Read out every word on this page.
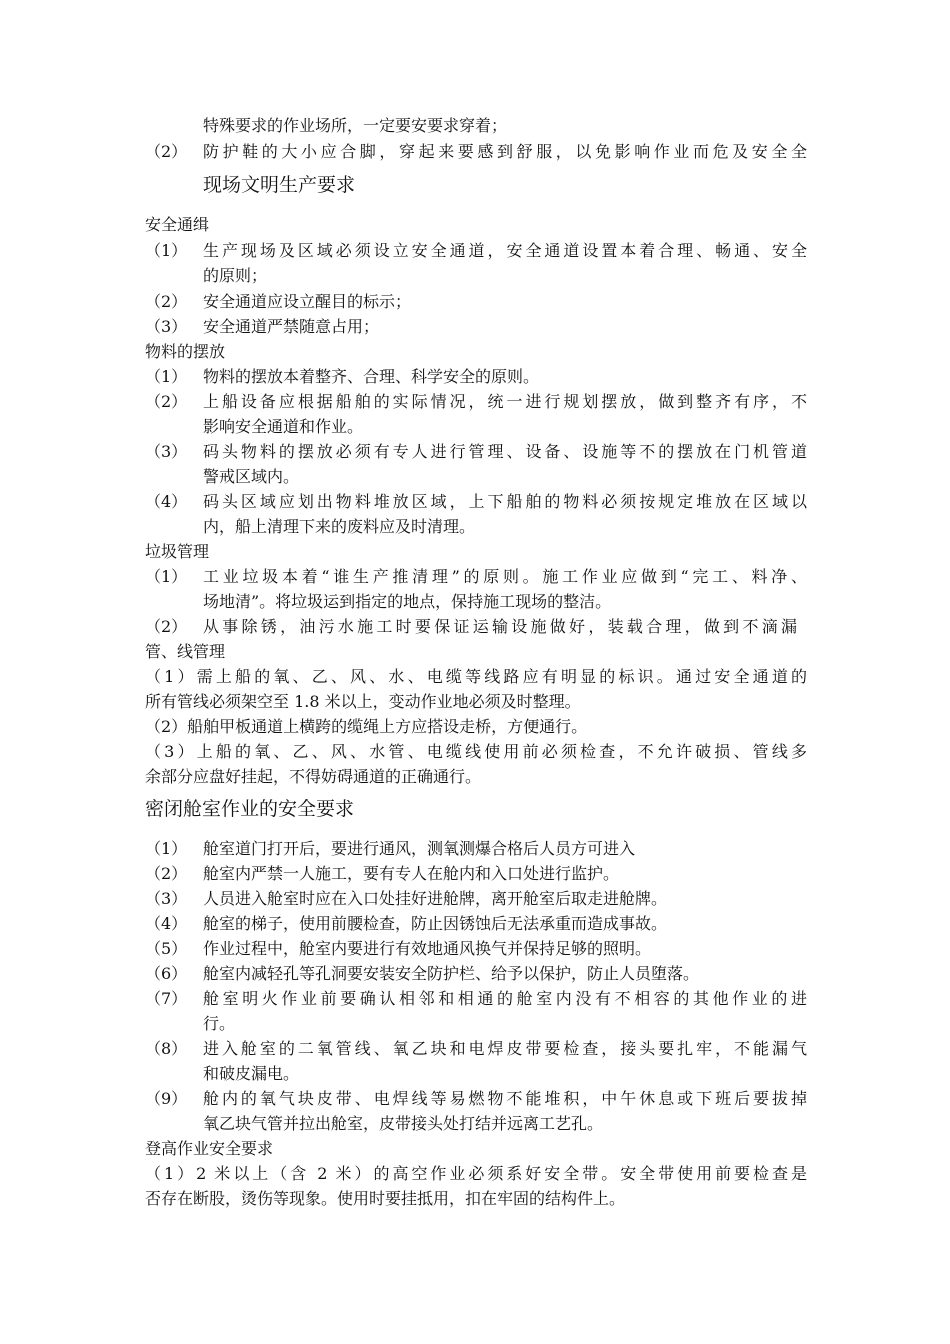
特殊要求的作业场所，一定要安要求穿着；
（2） 防护鞋的大小应合脚，穿起来要感到舒服，以免影响作业而危及安全全
现场文明生产要求
安全通缉
（1） 生产现场及区域必须设立安全通道，安全通道设置本着合理、畅通、安全
的原则；
（2） 安全通道应设立醒目的标示；
（3） 安全通道严禁随意占用；
物料的摆放
（1） 物料的摆放本着整齐、合理、科学安全的原则。
（2） 上船设备应根据船舶的实际情况，统一进行规划摆放，做到整齐有序，不
影响安全通道和作业。
（3） 码头物料的摆放必须有专人进行管理、设备、设施等不的摆放在门机管道
警戒区域内。
（4） 码头区域应划出物料堆放区域，上下船舶的物料必须按规定堆放在区域以
内，船上清理下来的废料应及时清理。
垃圾管理
（1） 工业垃圾本着“谁生产推清理”的原则。施工作业应做到“完工、料净、
场地清”。将垃圾运到指定的地点，保持施工现场的整洁。
（2） 从事除锈，油污水施工时要保证运输设施做好，装载合理，做到不滴漏
管、线管理
（1）需上船的氧、乙、风、水、电缆等线路应有明显的标识。通过安全通道的
所有管线必须架空至 1.8 米以上，变动作业地必须及时整理。
（2）船舶甲板通道上横跨的缆绳上方应搭设走桥，方便通行。
（3）上船的氧、乙、风、水管、电缆线使用前必须检查，不允许破损、管线多
余部分应盘好挂起，不得妨碍通道的正确通行。
密闭舱室作业的安全要求
（1） 舱室道门打开后，要进行通风，测氧测爆合格后人员方可进入
（2） 舱室内严禁一人施工，要有专人在舱内和入口处进行监护。
（3） 人员进入舱室时应在入口处挂好进舱牌，离开舱室后取走进舱牌。
（4） 舱室的梯子，使用前腰检查，防止因锈蚀后无法承重而造成事故。
（5） 作业过程中，舱室内要进行有效地通风换气并保持足够的照明。
（6） 舱室内减轻孔等孔洞要安装安全防护栏、给予以保护，防止人员堕落。
（7） 舱室明火作业前要确认相邻和相通的舱室内没有不相容的其他作业的进
行。
（8） 进入舱室的二氧管线、氧乙块和电焊皮带要检查，接头要扎牢，不能漏气
和破皮漏电。
（9） 舱内的氧气块皮带、电焊线等易燃物不能堆积，中午休息或下班后要拔掉
氧乙块气管并拉出舱室，皮带接头处打结并远离工艺孔。
登高作业安全要求
（1）2 米以上（含 2 米）的高空作业必须系好安全带。安全带使用前要检查是
否存在断股，烫伤等现象。使用时要挂抵用，扣在牢固的结构件上。
